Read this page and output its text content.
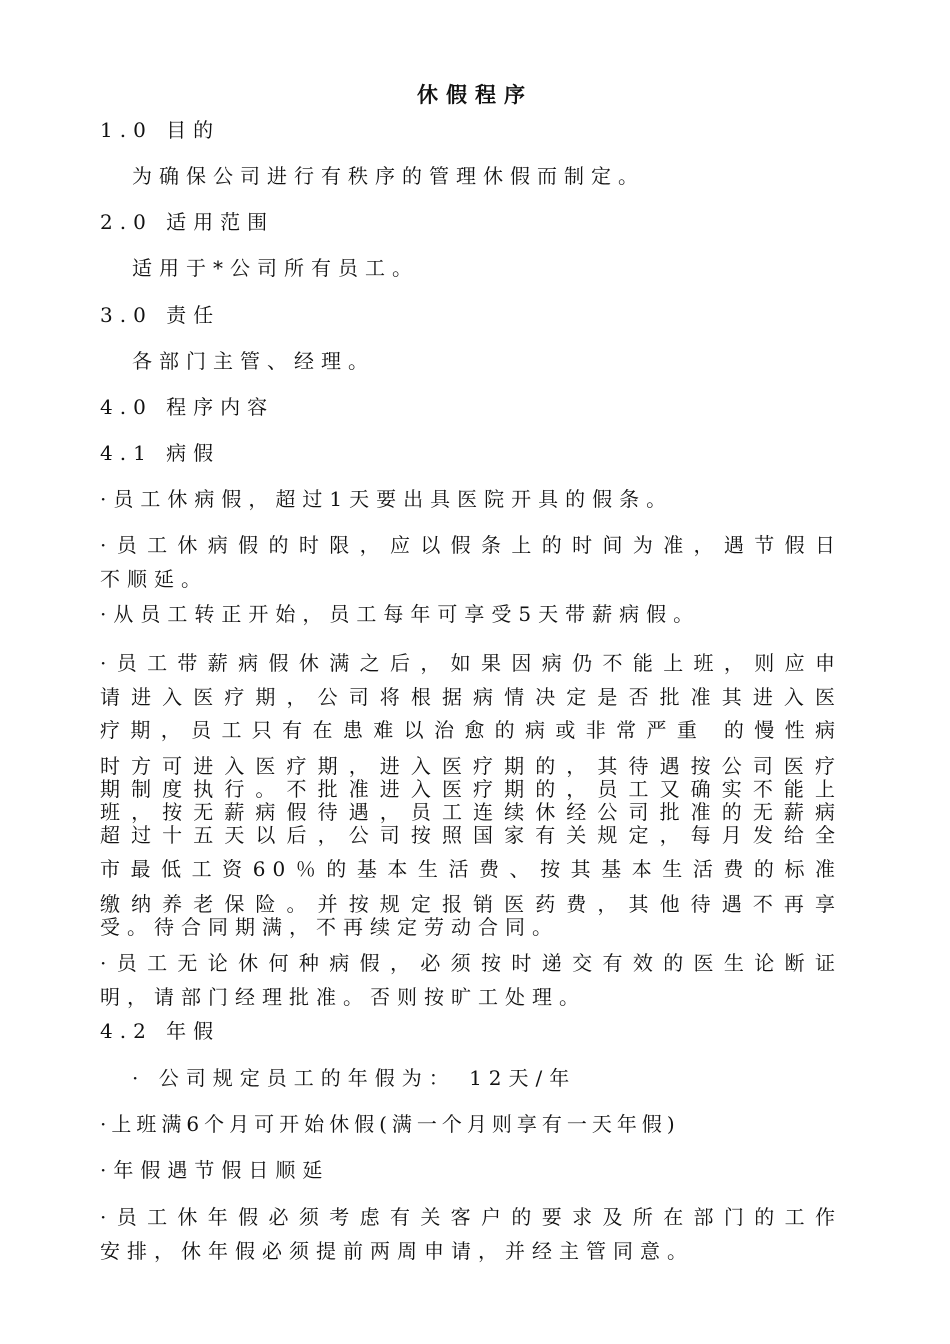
休假程序
1.0 目的
为确保公司进行有秩序的管理休假而制定。
2.0 适用范围
适用于*公司所有员工。
3.0 责任
各部门主管、经理。
4.0 程序内容
4.1 病假
·员工休病假，超过1天要出具医院开具的假条。
·员工休病假的时限，应以假条上的时间为准，遇节假日
不顺延。
·从员工转正开始，员工每年可享受5天带薪病假。
·员工带薪病假休满之后，如果因病仍不能上班，则应申
请进入医疗期，公司将根据病情决定是否批准其进入医
疗期，员工只有在患难以治愈的病或非常严重 的慢性病
时方可进入医疗期，进入医疗期的，其待遇按公司医疗
期制度执行。不批准进入医疗期的，员工又确实不能上
班，按无薪病假待遇，员工连续休经公司批准的无薪病
超过十五天以后，公司按照国家有关规定，每月发给全
市最低工资60％的基本生活费、按其基本生活费的标准
缴纳养老保险。并按规定报销医药费，其他待遇不再享
受。待合同期满，不再续定劳动合同。
·员工无论休何种病假，必须按时递交有效的医生论断证
明，请部门经理批准。否则按旷工处理。
4.2 年假
· 公司规定员工的年假为： 12天/年
·上班满6个月可开始休假(满一个月则享有一天年假)
·年假遇节假日顺延
·员工休年假必须考虑有关客户的要求及所在部门的工作
安排，休年假必须提前两周申请，并经主管同意。
